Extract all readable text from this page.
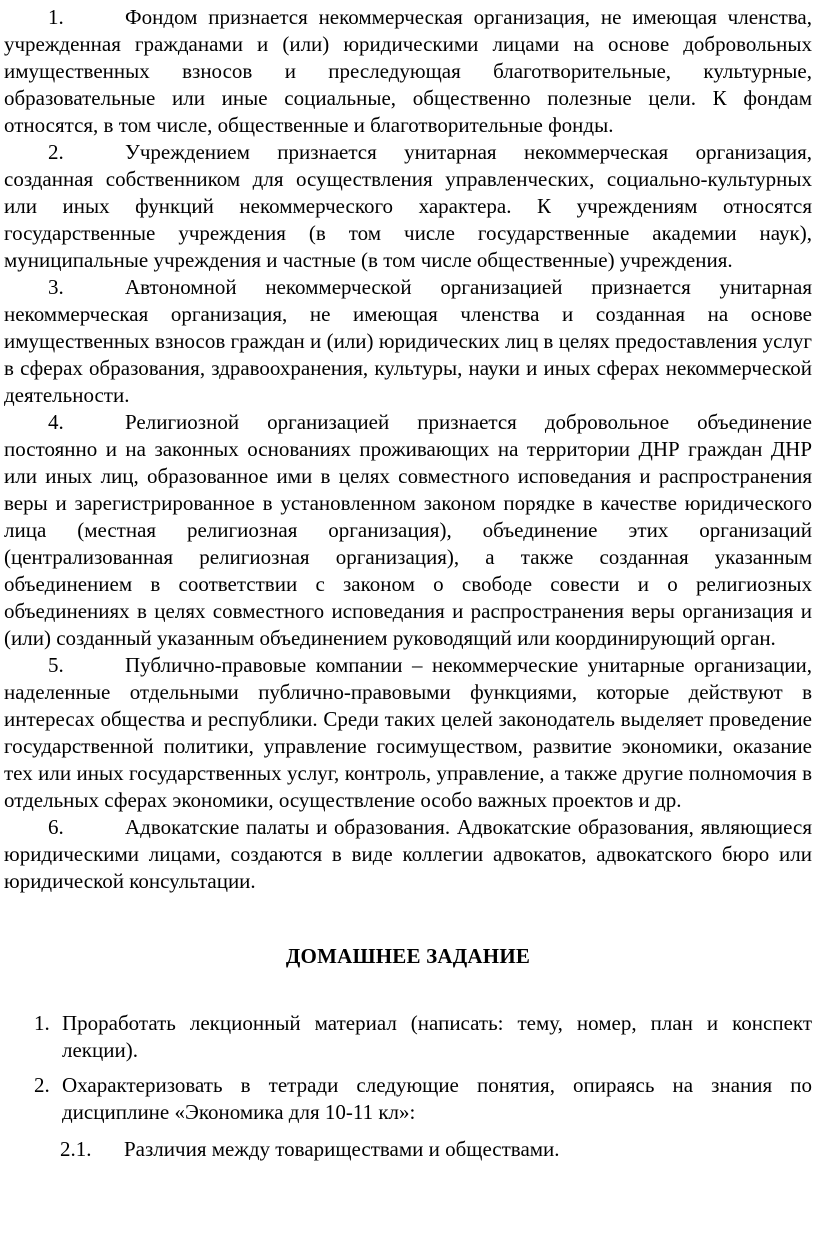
1.	Фондом признается некоммерческая организация, не имеющая членства, учрежденная гражданами и (или) юридическими лицами на основе добровольных имущественных взносов и преследующая благотворительные, культурные, образовательные или иные социальные, общественно полезные цели. К фондам относятся, в том числе, общественные и благотворительные фонды.

2.	Учреждением признается унитарная некоммерческая организация, созданная собственником для осуществления управленческих, социально-культурных или иных функций некоммерческого характера. К учреждениям относятся государственные учреждения (в том числе государственные академии наук), муниципальные учреждения и частные (в том числе общественные) учреждения.

3.	Автономной некоммерческой организацией признается унитарная некоммерческая организация, не имеющая членства и созданная на основе имущественных взносов граждан и (или) юридических лиц в целях предоставления услуг в сферах образования, здравоохранения, культуры, науки и иных сферах некоммерческой деятельности.

4.	Религиозной организацией признается добровольное объединение постоянно и на законных основаниях проживающих на территории ДНР граждан ДНР или иных лиц, образованное ими в целях совместного исповедания и распространения веры и зарегистрированное в установленном законом порядке в качестве юридического лица (местная религиозная организация), объединение этих организаций (централизованная религиозная организация), а также созданная указанным объединением в соответствии с законом о свободе совести и о религиозных объединениях в целях совместного исповедания и распространения веры организация и (или) созданный указанным объединением руководящий или координирующий орган.

5.	Публично-правовые компании – некоммерческие унитарные организации, наделенные отдельными публично-правовыми функциями, которые действуют в интересах общества и республики. Среди таких целей законодатель выделяет проведение государственной политики, управление госимуществом, развитие экономики, оказание тех или иных государственных услуг, контроль, управление, а также другие полномочия в отдельных сферах экономики, осуществление особо важных проектов и др.

6.	Адвокатские палаты и образования. Адвокатские образования, являющиеся юридическими лицами, создаются в виде коллегии адвокатов, адвокатского бюро или юридической консультации.

ДОМАШНЕЕ ЗАДАНИЕ
1. Проработать лекционный материал (написать: тему, номер, план и конспект лекции).
2. Охарактеризовать в тетради следующие понятия, опираясь на знания по дисциплине «Экономика для 10-11 кл»:
2.1. Различия между товариществами и обществами.
